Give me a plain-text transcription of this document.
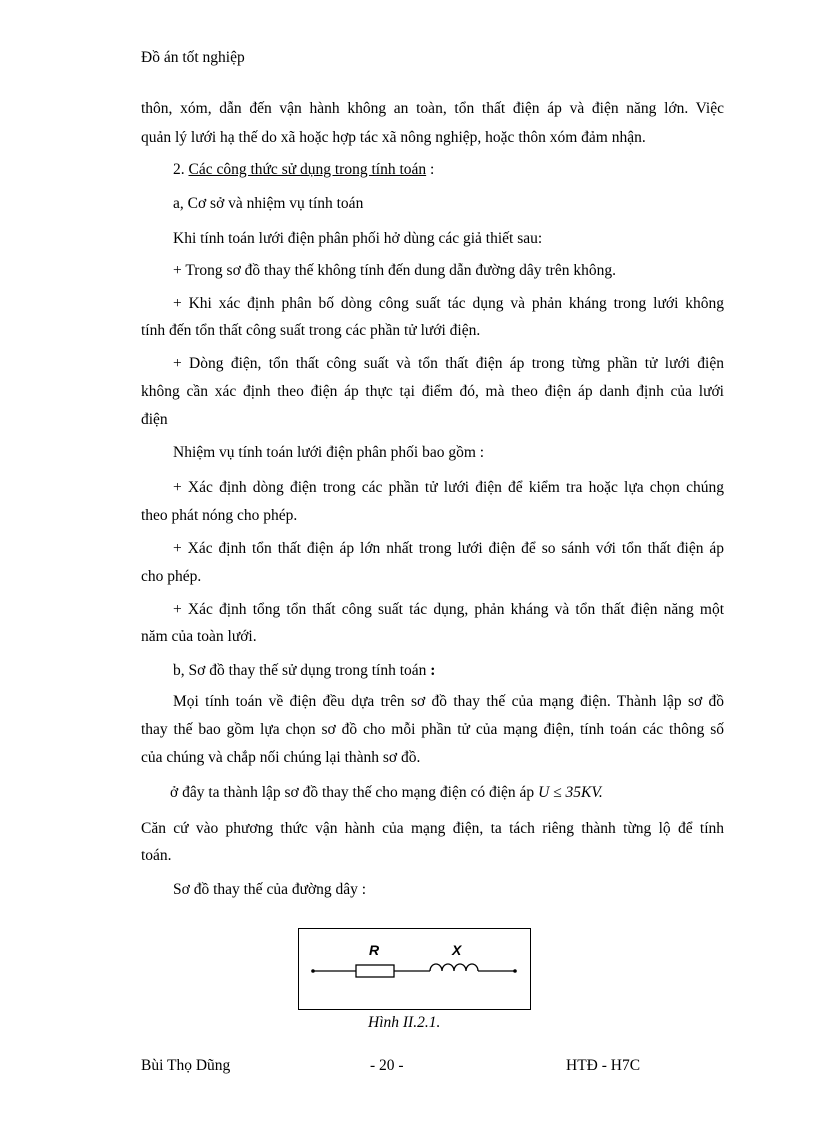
Đồ án tốt nghiệp
thôn, xóm, dẫn đến vận hành không an toàn, tổn thất điện áp và điện năng lớn. Việc
quản lý lưới hạ thế do xã hoặc hợp tác xã nông nghiệp, hoặc thôn xóm đảm nhận.
2. Các công thức sử dụng trong tính toán :
a, Cơ sở và nhiệm vụ tính toán
Khi tính toán lưới điện phân phối hở dùng các giả thiết sau:
+ Trong sơ đồ thay thế không tính đến dung dẫn đường dây trên không.
+ Khi xác định phân bố dòng công suất tác dụng và phản kháng trong lưới không
tính đến tổn thất công suất trong các phần tử lưới điện.
+ Dòng điện, tổn thất công suất và tổn thất điện áp trong từng phần tử lưới điện
không cần xác định theo điện áp thực tại điểm đó, mà theo điện áp danh định của lưới
điện
Nhiệm vụ tính toán lưới điện phân phối bao gồm :
+ Xác định dòng điện trong các phần tử lưới điện để kiểm tra hoặc lựa chọn chúng
theo phát nóng cho phép.
+ Xác định tổn thất điện áp lớn nhất trong lưới điện để so sánh với tổn thất điện áp
cho phép.
+ Xác định tổng tổn thất công suất tác dụng, phản kháng và tổn thất điện năng một
năm của toàn lưới.
b, Sơ đồ thay thế sử dụng trong tính toán :
Mọi tính toán về điện đều dựa trên sơ đồ thay thế của mạng điện. Thành lập sơ đồ
thay thế bao gồm lựa chọn sơ đồ cho mỗi phần tử của mạng điện, tính toán các thông số
của chúng và chắp nối chúng lại thành sơ đồ.
ở đây ta thành lập sơ đồ thay thế cho mạng điện có điện áp U ≤ 35KV.
Căn cứ vào phương thức vận hành của mạng điện, ta tách riêng thành từng lộ để tính
toán.
Sơ đồ thay thế của đường dây :
R	X
Hình II.2.1.
Bùi Thọ Dũng	- 20 -	HTĐ - H7C
